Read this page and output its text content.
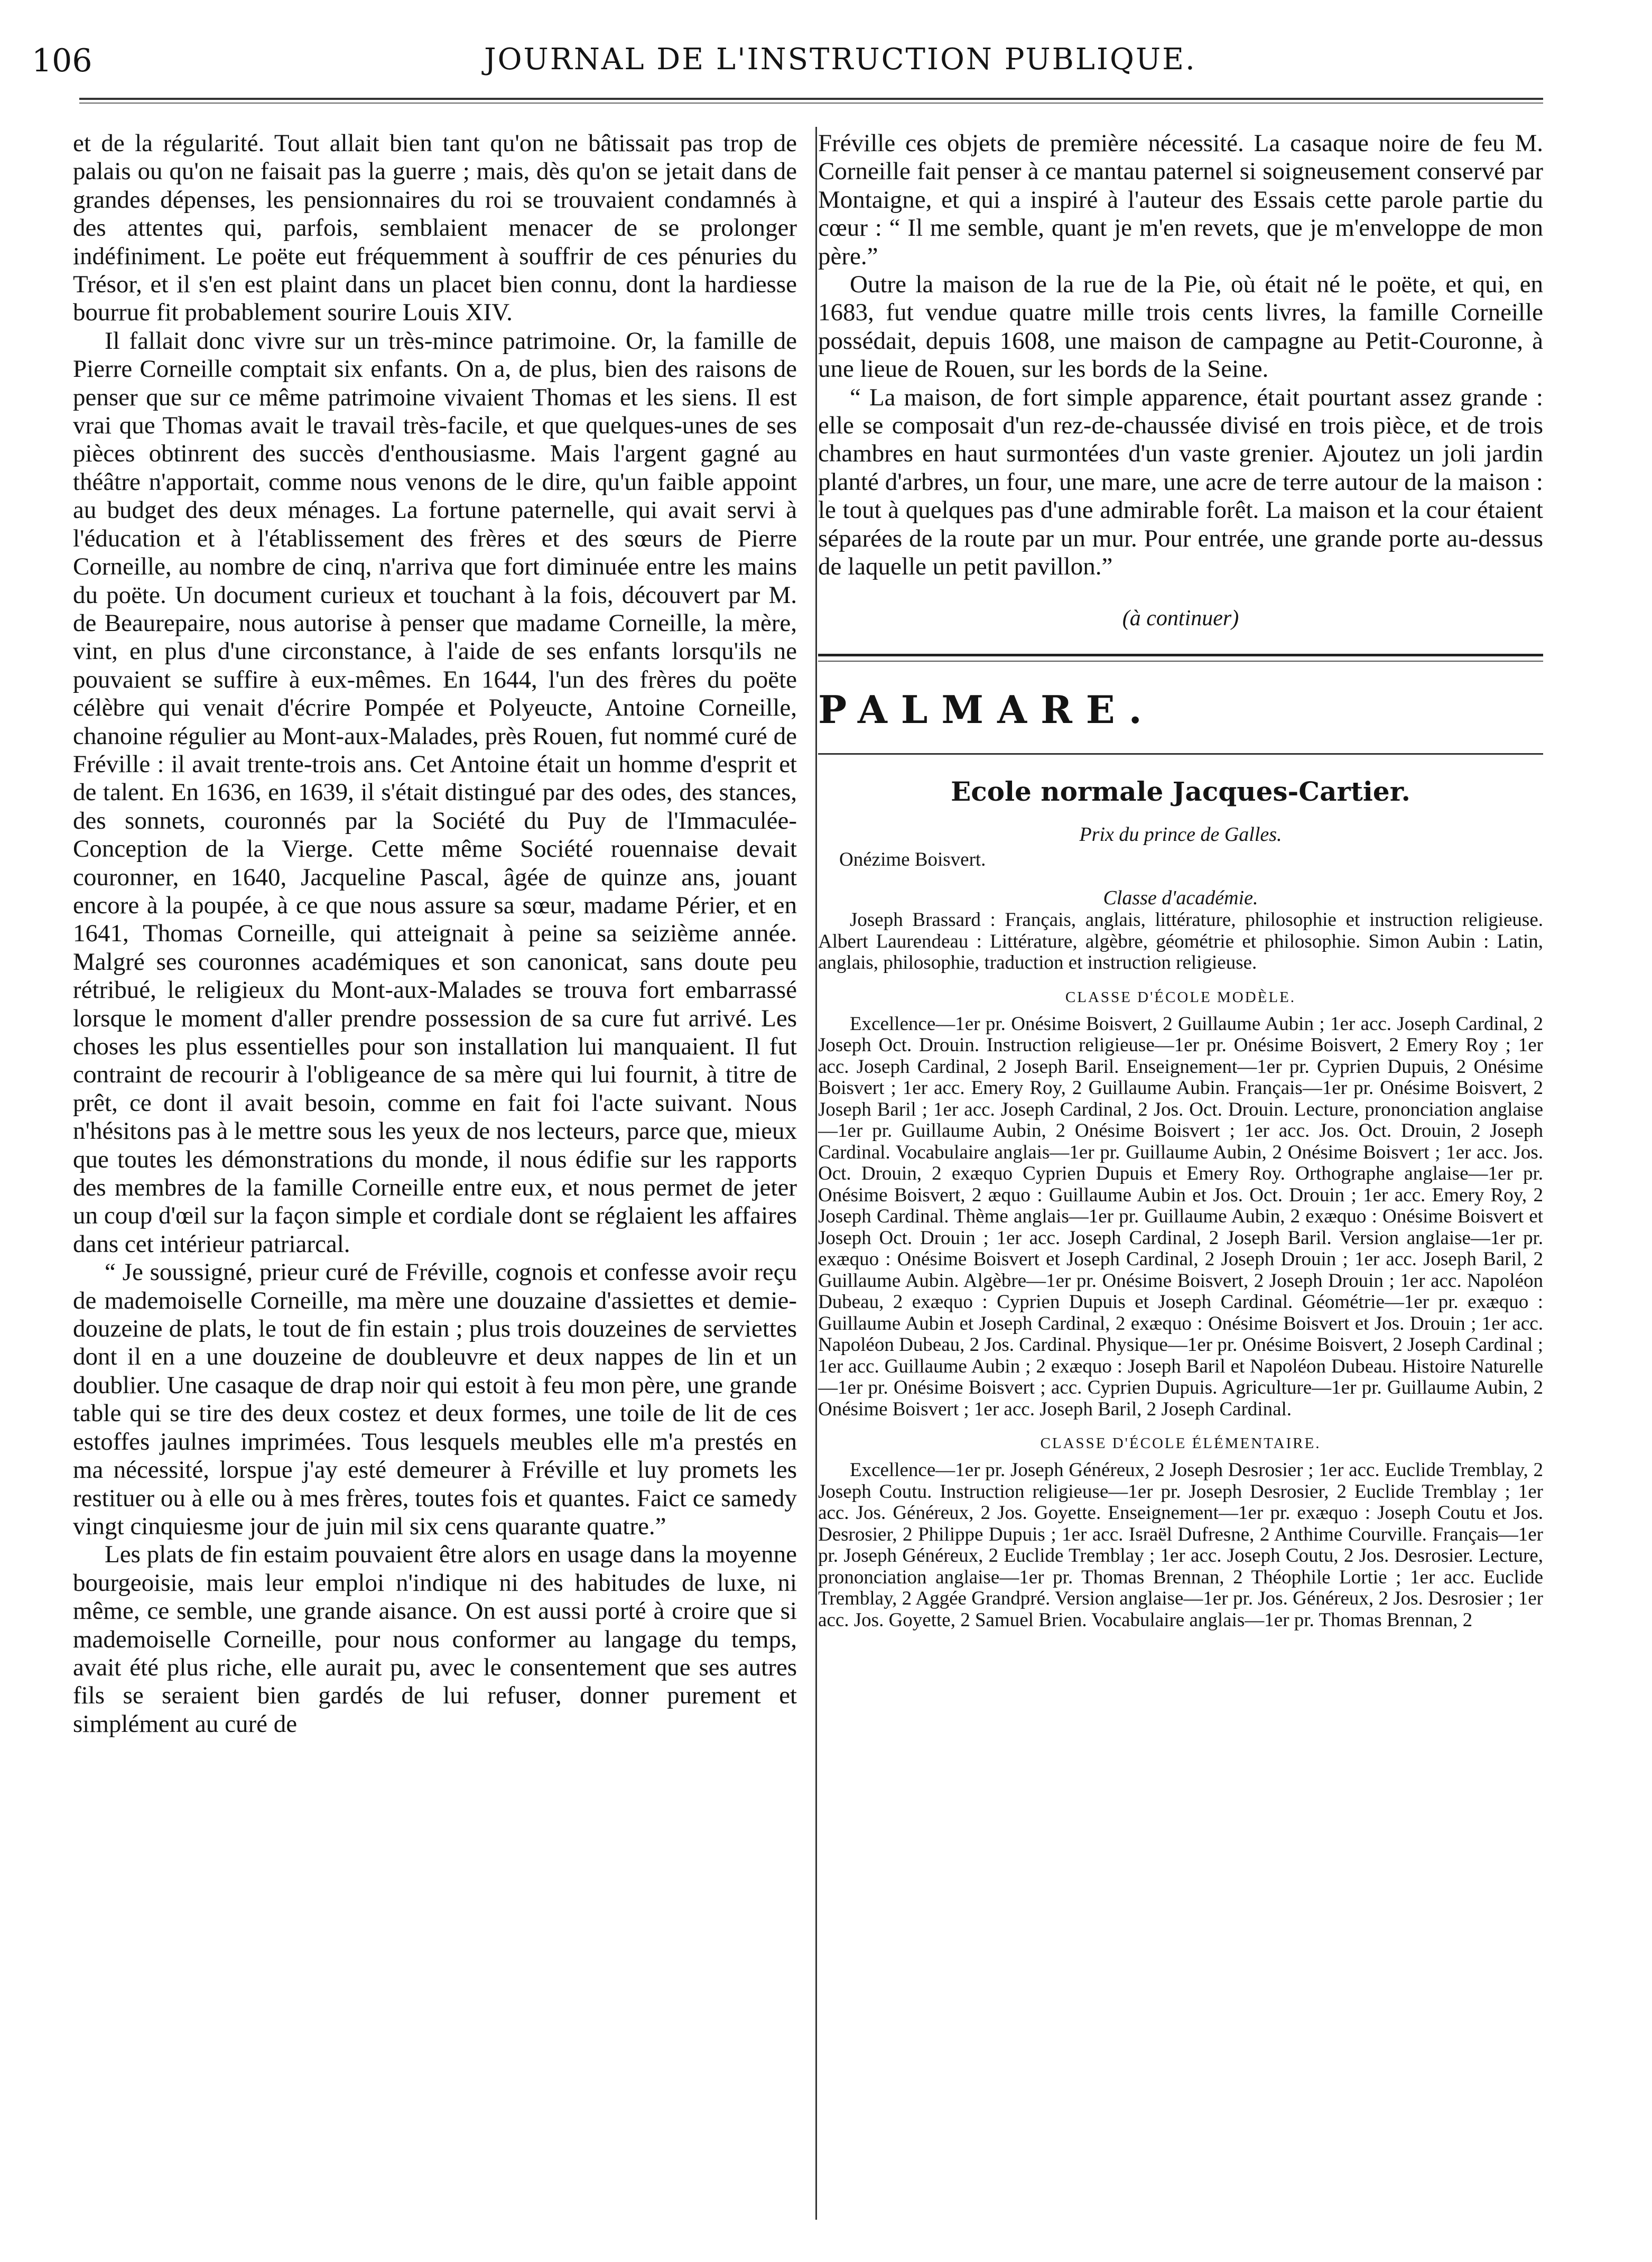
106	JOURNAL DE L'INSTRUCTION PUBLIQUE.

et de la régularité. Tout allait bien tant qu'on ne bâtissait pas trop de palais ou qu'on ne faisait pas la guerre ; mais, dès qu'on se jetait dans de grandes dépenses, les pensionnaires du roi se trouvaient condamnés à des attentes qui, parfois, semblaient menacer de se prolonger indéfiniment. Le poëte eut fréquemment à souffrir de ces pénuries du Trésor, et il s'en est plaint dans un placet bien connu, dont la hardiesse bourrue fit probablement sourire Louis XIV.

Il fallait donc vivre sur un très-mince patrimoine. Or, la famille de Pierre Corneille comptait six enfants. On a, de plus, bien des raisons de penser que sur ce même patrimoine vivaient Thomas et les siens. Il est vrai que Thomas avait le travail très-facile, et que quelques-unes de ses pièces obtinrent des succès d'enthousiasme. Mais l'argent gagné au théâtre n'apportait, comme nous venons de le dire, qu'un faible appoint au budget des deux ménages. La fortune paternelle, qui avait servi à l'éducation et à l'établissement des frères et des sœurs de Pierre Corneille, au nombre de cinq, n'arriva que fort diminuée entre les mains du poëte. Un document curieux et touchant à la fois, découvert par M. de Beaurepaire, nous autorise à penser que madame Corneille, la mère, vint, en plus d'une circonstance, à l'aide de ses enfants lorsqu'ils ne pouvaient se suffire à eux-mêmes. En 1644, l'un des frères du poëte célèbre qui venait d'écrire Pompée et Polyeucte, Antoine Corneille, chanoine régulier au Mont-aux-Malades, près Rouen, fut nommé curé de Fréville : il avait trente-trois ans. Cet Antoine était un homme d'esprit et de talent. En 1636, en 1639, il s'était distingué par des odes, des stances, des sonnets, couronnés par la Société du Puy de l'Immaculée-Conception de la Vierge. Cette même Société rouennaise devait couronner, en 1640, Jacqueline Pascal, âgée de quinze ans, jouant encore à la poupée, à ce que nous assure sa sœur, madame Périer, et en 1641, Thomas Corneille, qui atteignait à peine sa seizième année. Malgré ses couronnes académiques et son canonicat, sans doute peu rétribué, le religieux du Mont-aux-Malades se trouva fort embarrassé lorsque le moment d'aller prendre possession de sa cure fut arrivé. Les choses les plus essentielles pour son installation lui manquaient. Il fut contraint de recourir à l'obligeance de sa mère qui lui fournit, à titre de prêt, ce dont il avait besoin, comme en fait foi l'acte suivant. Nous n'hésitons pas à le mettre sous les yeux de nos lecteurs, parce que, mieux que toutes les démonstrations du monde, il nous édifie sur les rapports des membres de la famille Corneille entre eux, et nous permet de jeter un coup d'œil sur la façon simple et cordiale dont se réglaient les affaires dans cet intérieur patriarcal.

“ Je soussigné, prieur curé de Fréville, cognois et confesse avoir reçu de mademoiselle Corneille, ma mère une douzaine d'assiettes et demie-douzeine de plats, le tout de fin estain ; plus trois douzeines de serviettes dont il en a une douzeine de doubleuvre et deux nappes de lin et un doublier. Une casaque de drap noir qui estoit à feu mon père, une grande table qui se tire des deux costez et deux formes, une toile de lit de ces estoffes jaulnes imprimées. Tous lesquels meubles elle m'a prestés en ma nécessité, lorspue j'ay esté demeurer à Fréville et luy promets les restituer ou à elle ou à mes frères, toutes fois et quantes. Faict ce samedy vingt cinquiesme jour de juin mil six cens quarante quatre.”

Les plats de fin estaim pouvaient être alors en usage dans la moyenne bourgeoisie, mais leur emploi n'indique ni des habitudes de luxe, ni même, ce semble, une grande aisance. On est aussi porté à croire que si mademoiselle Corneille, pour nous conformer au langage du temps, avait été plus riche, elle aurait pu, avec le consentement que ses autres fils se seraient bien gardés de lui refuser, donner purement et simplément au curé de

Fréville ces objets de première nécessité. La casaque noire de feu M. Corneille fait penser à ce mantau paternel si soigneusement conservé par Montaigne, et qui a inspiré à l'auteur des Essais cette parole partie du cœur : “ Il me semble, quant je m'en revets, que je m'enveloppe de mon père.”

Outre la maison de la rue de la Pie, où était né le poëte, et qui, en 1683, fut vendue quatre mille trois cents livres, la famille Corneille possédait, depuis 1608, une maison de campagne au Petit-Couronne, à une lieue de Rouen, sur les bords de la Seine.

“ La maison, de fort simple apparence, était pourtant assez grande : elle se composait d'un rez-de-chaussée divisé en trois pièce, et de trois chambres en haut surmontées d'un vaste grenier. Ajoutez un joli jardin planté d'arbres, un four, une mare, une acre de terre autour de la maison : le tout à quelques pas d'une admirable forêt. La maison et la cour étaient séparées de la route par un mur. Pour entrée, une grande porte au-dessus de laquelle un petit pavillon.”

(à continuer)

PALMARE.

Ecole normale Jacques-Cartier.

Prix du prince de Galles.

Onézime Boisvert.

Classe d'académie.

Joseph Brassard : Français, anglais, littérature, philosophie et instruction religieuse. Albert Laurendeau : Littérature, algèbre, géométrie et philosophie. Simon Aubin : Latin, anglais, philosophie, traduction et instruction religieuse.

CLASSE D'ÉCOLE MODÈLE.

Excellence—1er pr. Onésime Boisvert, 2 Guillaume Aubin ; 1er acc. Joseph Cardinal, 2 Joseph Oct. Drouin. Instruction religieuse—1er pr. Onésime Boisvert, 2 Emery Roy ; 1er acc. Joseph Cardinal, 2 Joseph Baril. Enseignement—1er pr. Cyprien Dupuis, 2 Onésime Boisvert ; 1er acc. Emery Roy, 2 Guillaume Aubin. Français—1er pr. Onésime Boisvert, 2 Joseph Baril ; 1er acc. Joseph Cardinal, 2 Jos. Oct. Drouin. Lecture, prononciation anglaise—1er pr. Guillaume Aubin, 2 Onésime Boisvert ; 1er acc. Jos. Oct. Drouin, 2 Joseph Cardinal. Vocabulaire anglais—1er pr. Guillaume Aubin, 2 Onésime Boisvert ; 1er acc. Jos. Oct. Drouin, 2 exæquo Cyprien Dupuis et Emery Roy. Orthographe anglaise—1er pr. Onésime Boisvert, 2 æquo : Guillaume Aubin et Jos. Oct. Drouin ; 1er acc. Emery Roy, 2 Joseph Cardinal. Thème anglais—1er pr. Guillaume Aubin, 2 exæquo : Onésime Boisvert et Joseph Oct. Drouin ; 1er acc. Joseph Cardinal, 2 Joseph Baril. Version anglaise—1er pr. exæquo : Onésime Boisvert et Joseph Cardinal, 2 Joseph Drouin ; 1er acc. Joseph Baril, 2 Guillaume Aubin. Algèbre—1er pr. Onésime Boisvert, 2 Joseph Drouin ; 1er acc. Napoléon Dubeau, 2 exæquo : Cyprien Dupuis et Joseph Cardinal. Géométrie—1er pr. exæquo : Guillaume Aubin et Joseph Cardinal, 2 exæquo : Onésime Boisvert et Jos. Drouin ; 1er acc. Napoléon Dubeau, 2 Jos. Cardinal. Physique—1er pr. Onésime Boisvert, 2 Joseph Cardinal ; 1er acc. Guillaume Aubin ; 2 exæquo : Joseph Baril et Napoléon Dubeau. Histoire Naturelle—1er pr. Onésime Boisvert ; acc. Cyprien Dupuis. Agriculture—1er pr. Guillaume Aubin, 2 Onésime Boisvert ; 1er acc. Joseph Baril, 2 Joseph Cardinal.

CLASSE D'ÉCOLE ÉLÉMENTAIRE.

Excellence—1er pr. Joseph Généreux, 2 Joseph Desrosier ; 1er acc. Euclide Tremblay, 2 Joseph Coutu. Instruction religieuse—1er pr. Joseph Desrosier, 2 Euclide Tremblay ; 1er acc. Jos. Généreux, 2 Jos. Goyette. Enseignement—1er pr. exæquo : Joseph Coutu et Jos. Desrosier, 2 Philippe Dupuis ; 1er acc. Israël Dufresne, 2 Anthime Courville. Français—1er pr. Joseph Généreux, 2 Euclide Tremblay ; 1er acc. Joseph Coutu, 2 Jos. Desrosier. Lecture, prononciation anglaise—1er pr. Thomas Brennan, 2 Théophile Lortie ; 1er acc. Euclide Tremblay, 2 Aggée Grandpré. Version anglaise—1er pr. Jos. Généreux, 2 Jos. Desrosier ; 1er acc. Jos. Goyette, 2 Samuel Brien. Vocabulaire anglais—1er pr. Thomas Brennan, 2
